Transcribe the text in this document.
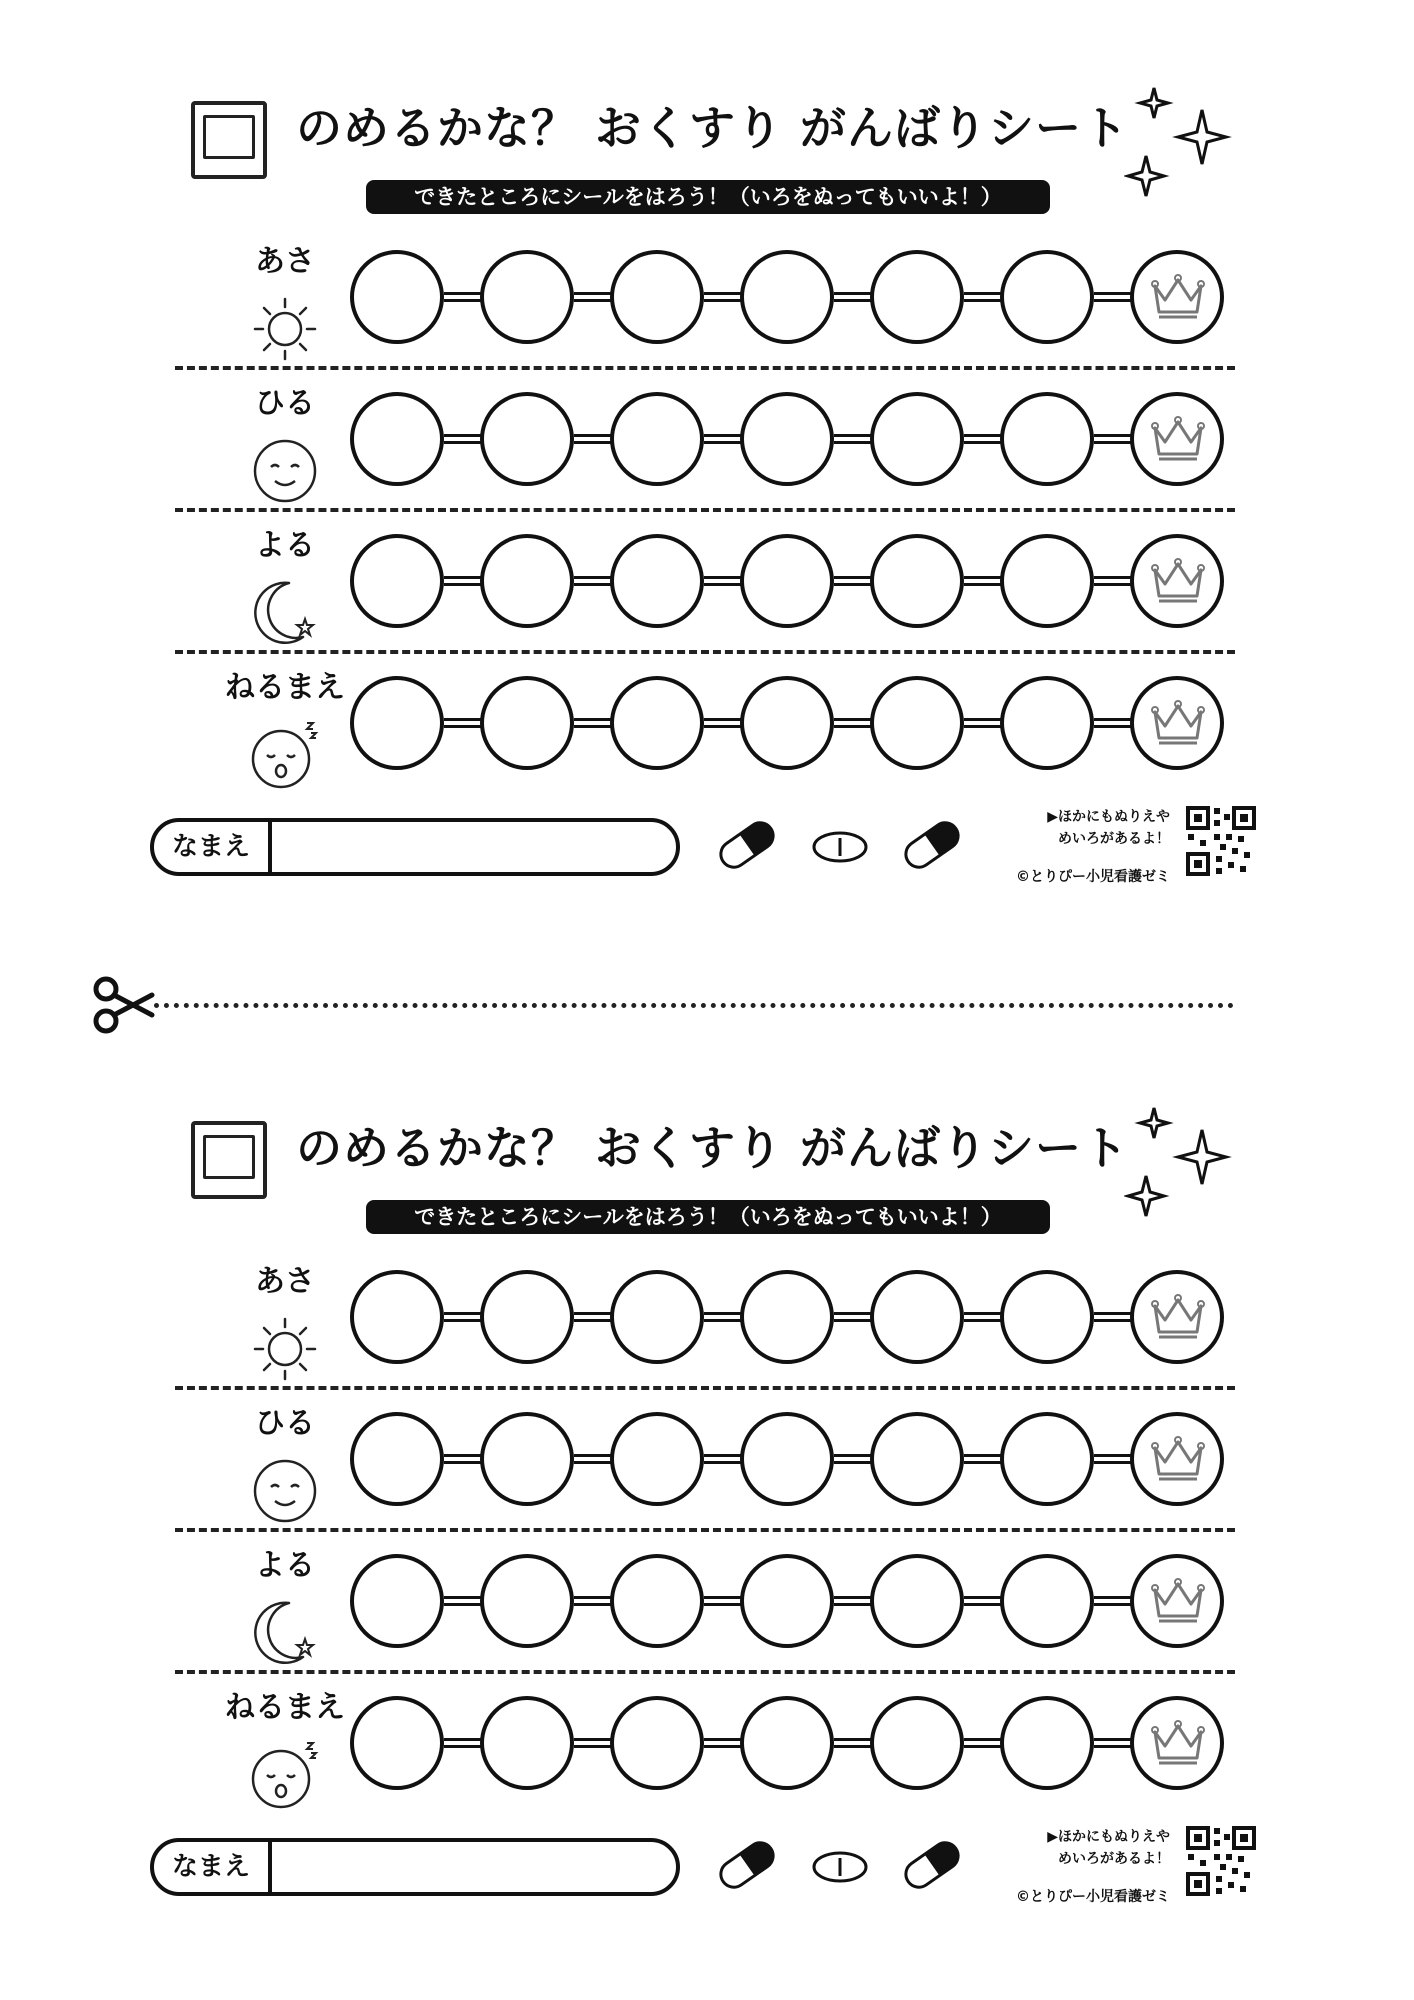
のめるかな？ おくすり がんばりシート
できたところにシールをはろう！（いろをぬってもいいよ！）
あさ
ひる
よる
ねるまえ
なまえ
▶ほかにもぬりえや
めいろがあるよ！
©とりぴー小児看護ゼミ
のめるかな？ おくすり がんばりシート
できたところにシールをはろう！（いろをぬってもいいよ！）
あさ
ひる
よる
ねるまえ
なまえ
▶ほかにもぬりえや
めいろがあるよ！
©とりぴー小児看護ゼミ
